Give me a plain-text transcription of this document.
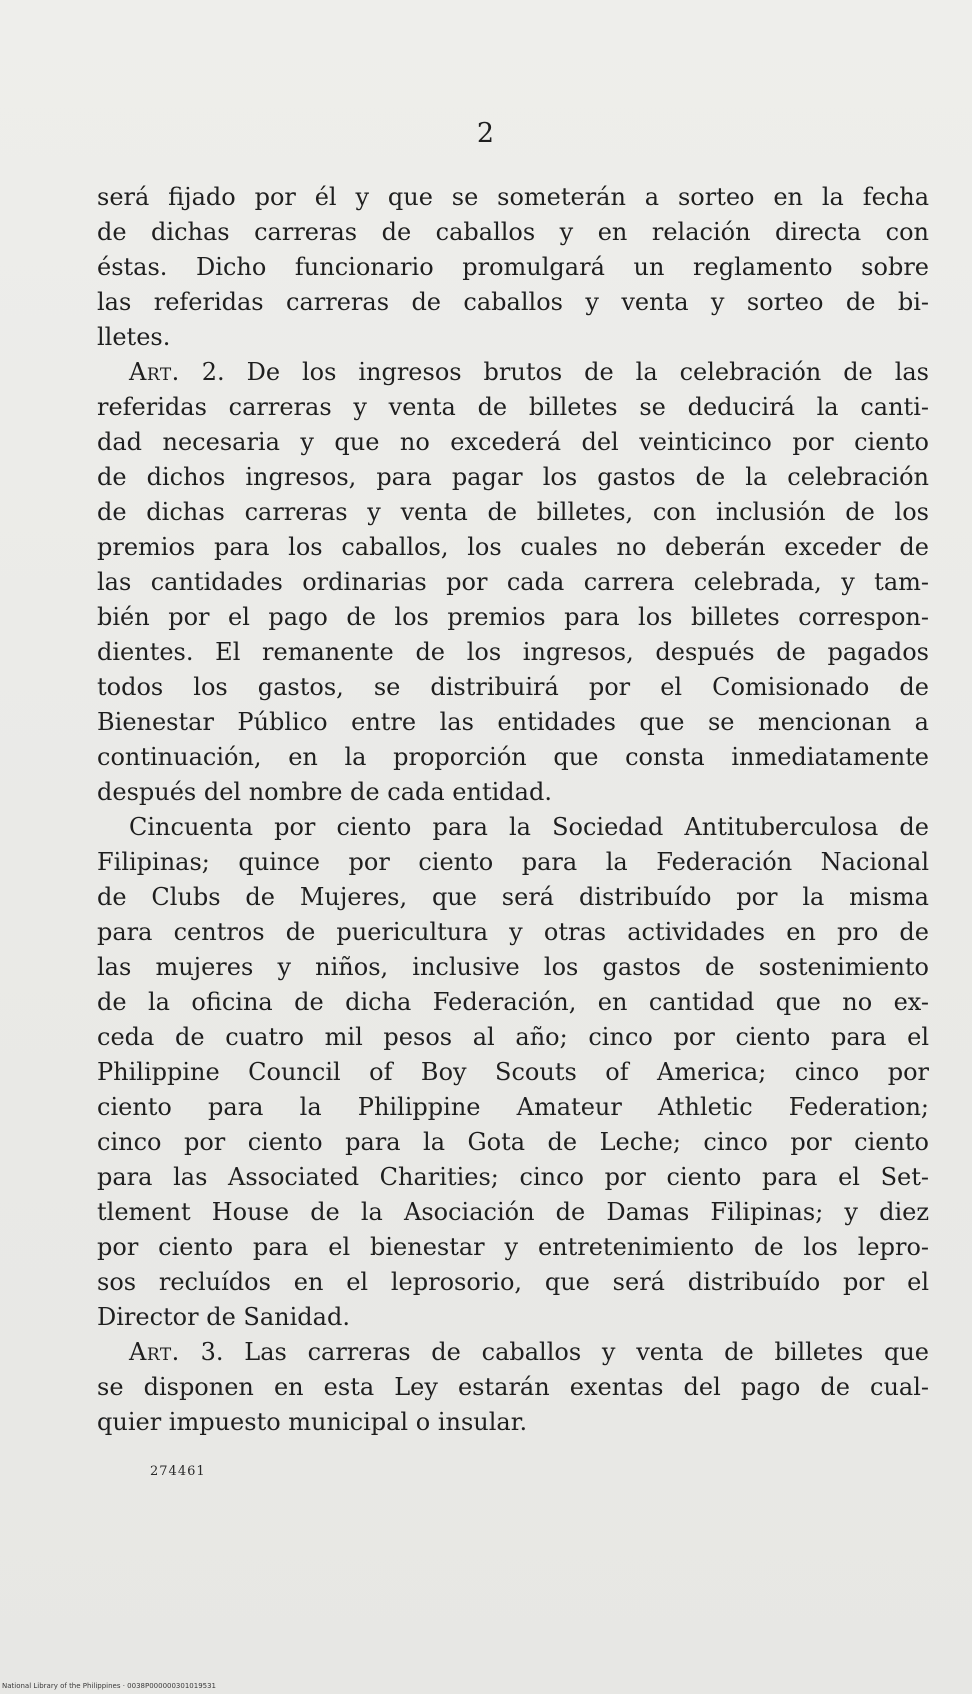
2
será fijado por él y que se someterán a sorteo en la fecha
de dichas carreras de caballos y en relación directa con
éstas. Dicho funcionario promulgará un reglamento sobre
las referidas carreras de caballos y venta y sorteo de bi-
lletes.
Art. 2. De los ingresos brutos de la celebración de las
referidas carreras y venta de billetes se deducirá la canti-
dad necesaria y que no excederá del veinticinco por ciento
de dichos ingresos, para pagar los gastos de la celebración
de dichas carreras y venta de billetes, con inclusión de los
premios para los caballos, los cuales no deberán exceder de
las cantidades ordinarias por cada carrera celebrada, y tam-
bién por el pago de los premios para los billetes correspon-
dientes. El remanente de los ingresos, después de pagados
todos los gastos, se distribuirá por el Comisionado de
Bienestar Público entre las entidades que se mencionan a
continuación, en la proporción que consta inmediatamente
después del nombre de cada entidad.
Cincuenta por ciento para la Sociedad Antituberculosa de
Filipinas; quince por ciento para la Federación Nacional
de Clubs de Mujeres, que será distribuído por la misma
para centros de puericultura y otras actividades en pro de
las mujeres y niños, inclusive los gastos de sostenimiento
de la oficina de dicha Federación, en cantidad que no ex-
ceda de cuatro mil pesos al año; cinco por ciento para el
Philippine Council of Boy Scouts of America; cinco por
ciento para la Philippine Amateur Athletic Federation;
cinco por ciento para la Gota de Leche; cinco por ciento
para las Associated Charities; cinco por ciento para el Set-
tlement House de la Asociación de Damas Filipinas; y diez
por ciento para el bienestar y entretenimiento de los lepro-
sos recluídos en el leprosorio, que será distribuído por el
Director de Sanidad.
Art. 3. Las carreras de caballos y venta de billetes que
se disponen en esta Ley estarán exentas del pago de cual-
quier impuesto municipal o insular.
274461
National Library of the Philippines · 0038P000000301019531
